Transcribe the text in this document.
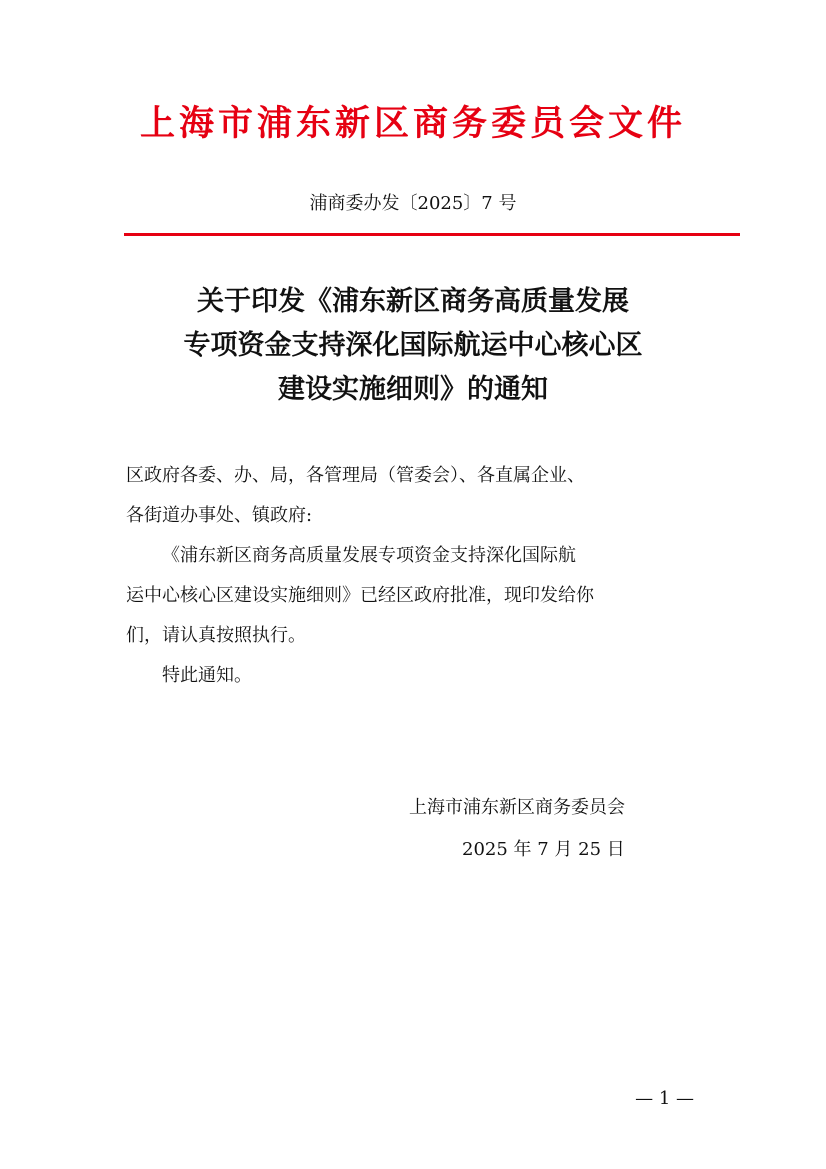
上海市浦东新区商务委员会文件
浦商委办发〔2025〕7 号
关于印发《浦东新区商务高质量发展
专项资金支持深化国际航运中心核心区
建设实施细则》的通知

区政府各委、办、局，各管理局（管委会）、各直属企业、

各街道办事处、镇政府:

《浦东新区商务高质量发展专项资金支持深化国际航

运中心核心区建设实施细则》已经区政府批准，现印发给你

们，请认真按照执行。

特此通知。

上海市浦东新区商务委员会
2025 年 7 月 25 日
— 1 —
